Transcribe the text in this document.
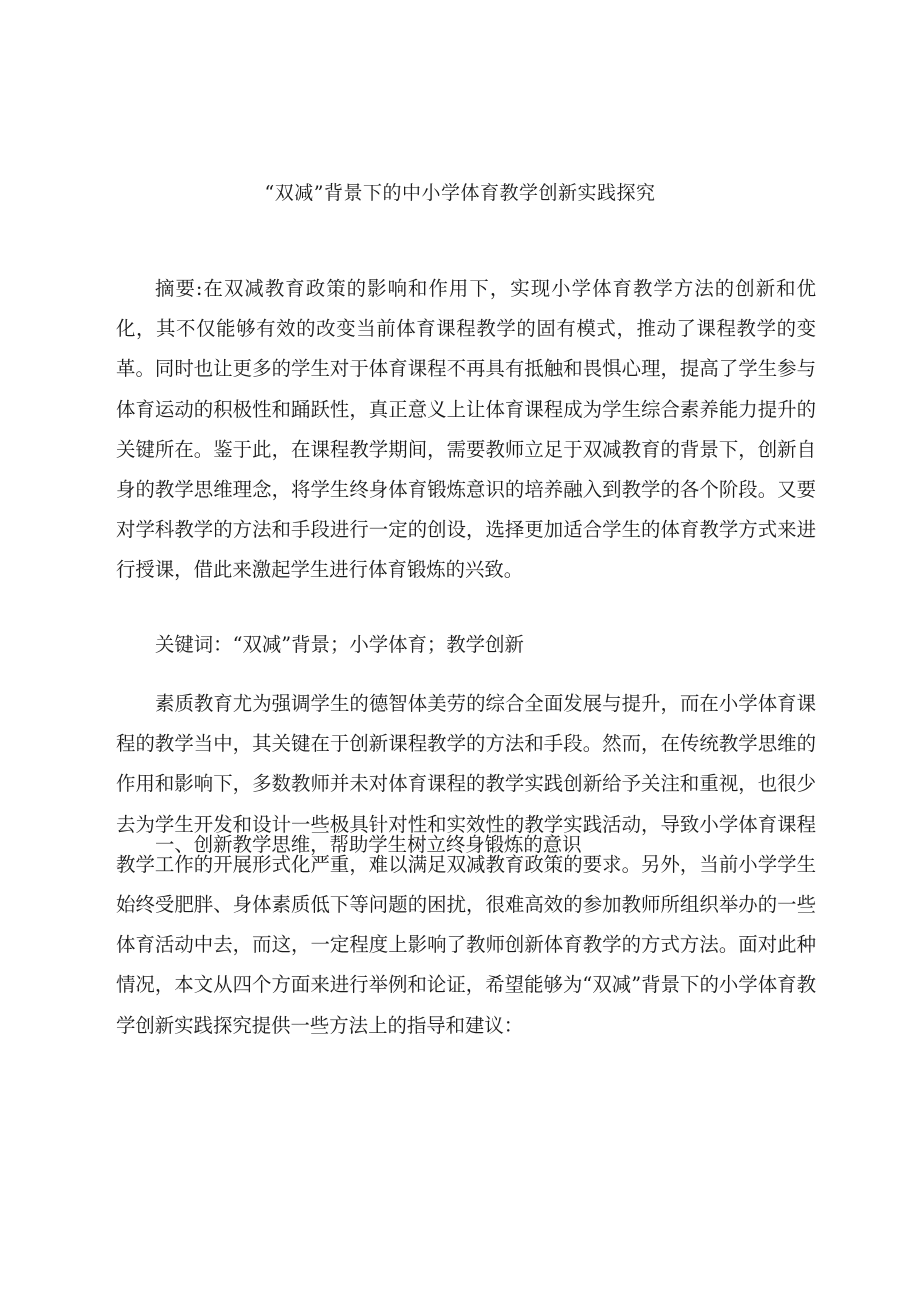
“双减”背景下的中小学体育教学创新实践探究

摘要:在双减教育政策的影响和作用下，实现小学体育教学方法的创新和优化，其不仅能够有效的改变当前体育课程教学的固有模式，推动了课程教学的变革。同时也让更多的学生对于体育课程不再具有抵触和畏惧心理，提高了学生参与体育运动的积极性和踊跃性，真正意义上让体育课程成为学生综合素养能力提升的关键所在。鉴于此，在课程教学期间，需要教师立足于双减教育的背景下，创新自身的教学思维理念，将学生终身体育锻炼意识的培养融入到教学的各个阶段。又要对学科教学的方法和手段进行一定的创设，选择更加适合学生的体育教学方式来进行授课，借此来激起学生进行体育锻炼的兴致。

关键词：“双减”背景；小学体育；教学创新

素质教育尤为强调学生的德智体美劳的综合全面发展与提升，而在小学体育课程的教学当中，其关键在于创新课程教学的方法和手段。然而，在传统教学思维的作用和影响下，多数教师并未对体育课程的教学实践创新给予关注和重视，也很少去为学生开发和设计一些极具针对性和实效性的教学实践活动，导致小学体育课程教学工作的开展形式化严重，难以满足双减教育政策的要求。另外，当前小学学生始终受肥胖、身体素质低下等问题的困扰，很难高效的参加教师所组织举办的一些体育活动中去，而这，一定程度上影响了教师创新体育教学的方式方法。面对此种情况，本文从四个方面来进行举例和论证，希望能够为“双减”背景下的小学体育教学创新实践探究提供一些方法上的指导和建议：

一、创新教学思维，帮助学生树立终身锻炼的意识
